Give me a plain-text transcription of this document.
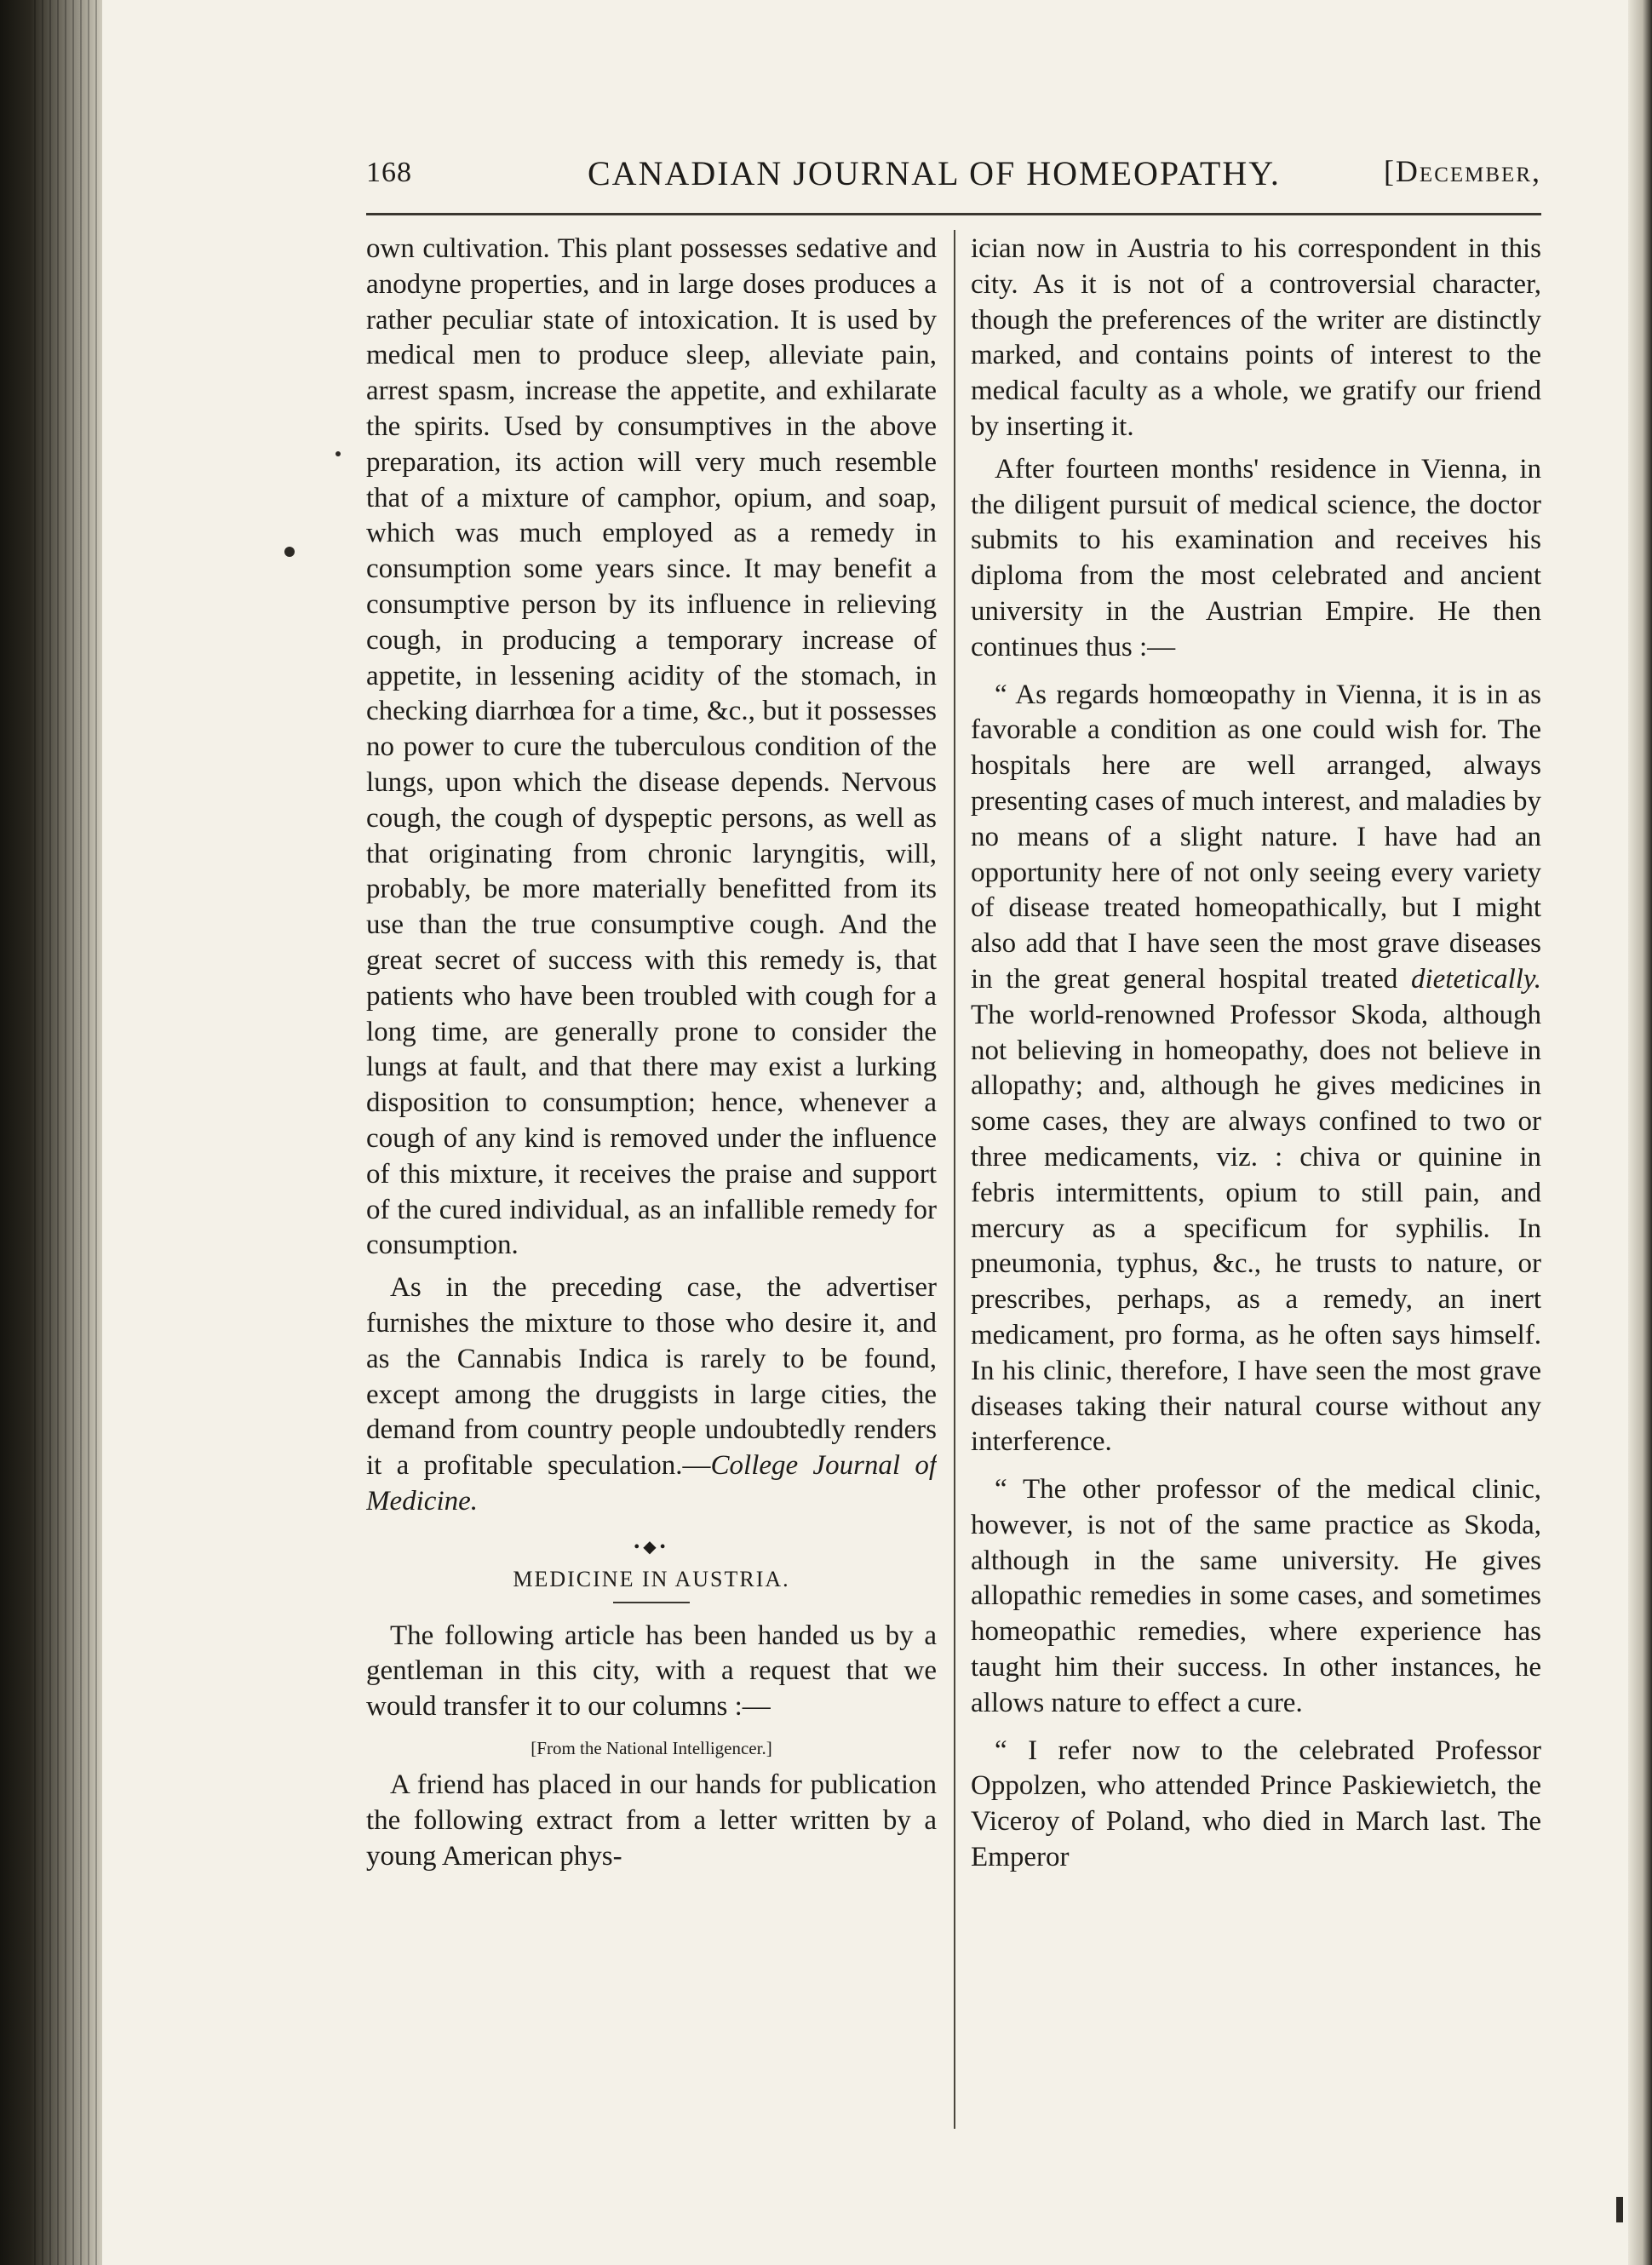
168	CANADIAN JOURNAL OF HOMEOPATHY.	[December,

own cultivation. This plant possesses sedative and anodyne properties, and in large doses produces a rather peculiar state of intoxication. It is used by medical men to produce sleep, alleviate pain, arrest spasm, increase the appetite, and exhilarate the spirits. Used by consumptives in the above preparation, its action will very much resemble that of a mixture of camphor, opium, and soap, which was much employed as a remedy in consumption some years since. It may benefit a consumptive person by its influence in relieving cough, in producing a temporary increase of appetite, in lessening acidity of the stomach, in checking diarrhœa for a time, &c., but it possesses no power to cure the tuberculous condition of the lungs, upon which the disease depends. Nervous cough, the cough of dyspeptic persons, as well as that originating from chronic laryngitis, will, probably, be more materially benefitted from its use than the true consumptive cough. And the great secret of success with this remedy is, that patients who have been troubled with cough for a long time, are generally prone to consider the lungs at fault, and that there may exist a lurking disposition to consumption; hence, whenever a cough of any kind is removed under the influence of this mixture, it receives the praise and support of the cured individual, as an infallible remedy for consumption.

As in the preceding case, the advertiser furnishes the mixture to those who desire it, and as the Cannabis Indica is rarely to be found, except among the druggists in large cities, the demand from country people undoubtedly renders it a profitable speculation.—College Journal of Medicine.

•◆•
MEDICINE IN AUSTRIA.

The following article has been handed us by a gentleman in this city, with a request that we would transfer it to our columns :—

[From the National Intelligencer.]

A friend has placed in our hands for publication the following extract from a letter written by a young American phys-

ician now in Austria to his correspondent in this city. As it is not of a controversial character, though the preferences of the writer are distinctly marked, and contains points of interest to the medical faculty as a whole, we gratify our friend by inserting it.

After fourteen months' residence in Vienna, in the diligent pursuit of medical science, the doctor submits to his examination and receives his diploma from the most celebrated and ancient university in the Austrian Empire. He then continues thus :—

“ As regards homœopathy in Vienna, it is in as favorable a condition as one could wish for. The hospitals here are well arranged, always presenting cases of much interest, and maladies by no means of a slight nature. I have had an opportunity here of not only seeing every variety of disease treated homeopathically, but I might also add that I have seen the most grave diseases in the great general hospital treated dietetically. The world-renowned Professor Skoda, although not believing in homeopathy, does not believe in allopathy; and, although he gives medicines in some cases, they are always confined to two or three medicaments, viz. : chiva or quinine in febris intermittents, opium to still pain, and mercury as a specificum for syphilis. In pneumonia, typhus, &c., he trusts to nature, or prescribes, perhaps, as a remedy, an inert medicament, pro forma, as he often says himself. In his clinic, therefore, I have seen the most grave diseases taking their natural course without any interference.

“ The other professor of the medical clinic, however, is not of the same practice as Skoda, although in the same university. He gives allopathic remedies in some cases, and sometimes homeopathic remedies, where experience has taught him their success. In other instances, he allows nature to effect a cure.

“ I refer now to the celebrated Professor Oppolzen, who attended Prince Paskiewietch, the Viceroy of Poland, who died in March last. The Emperor
